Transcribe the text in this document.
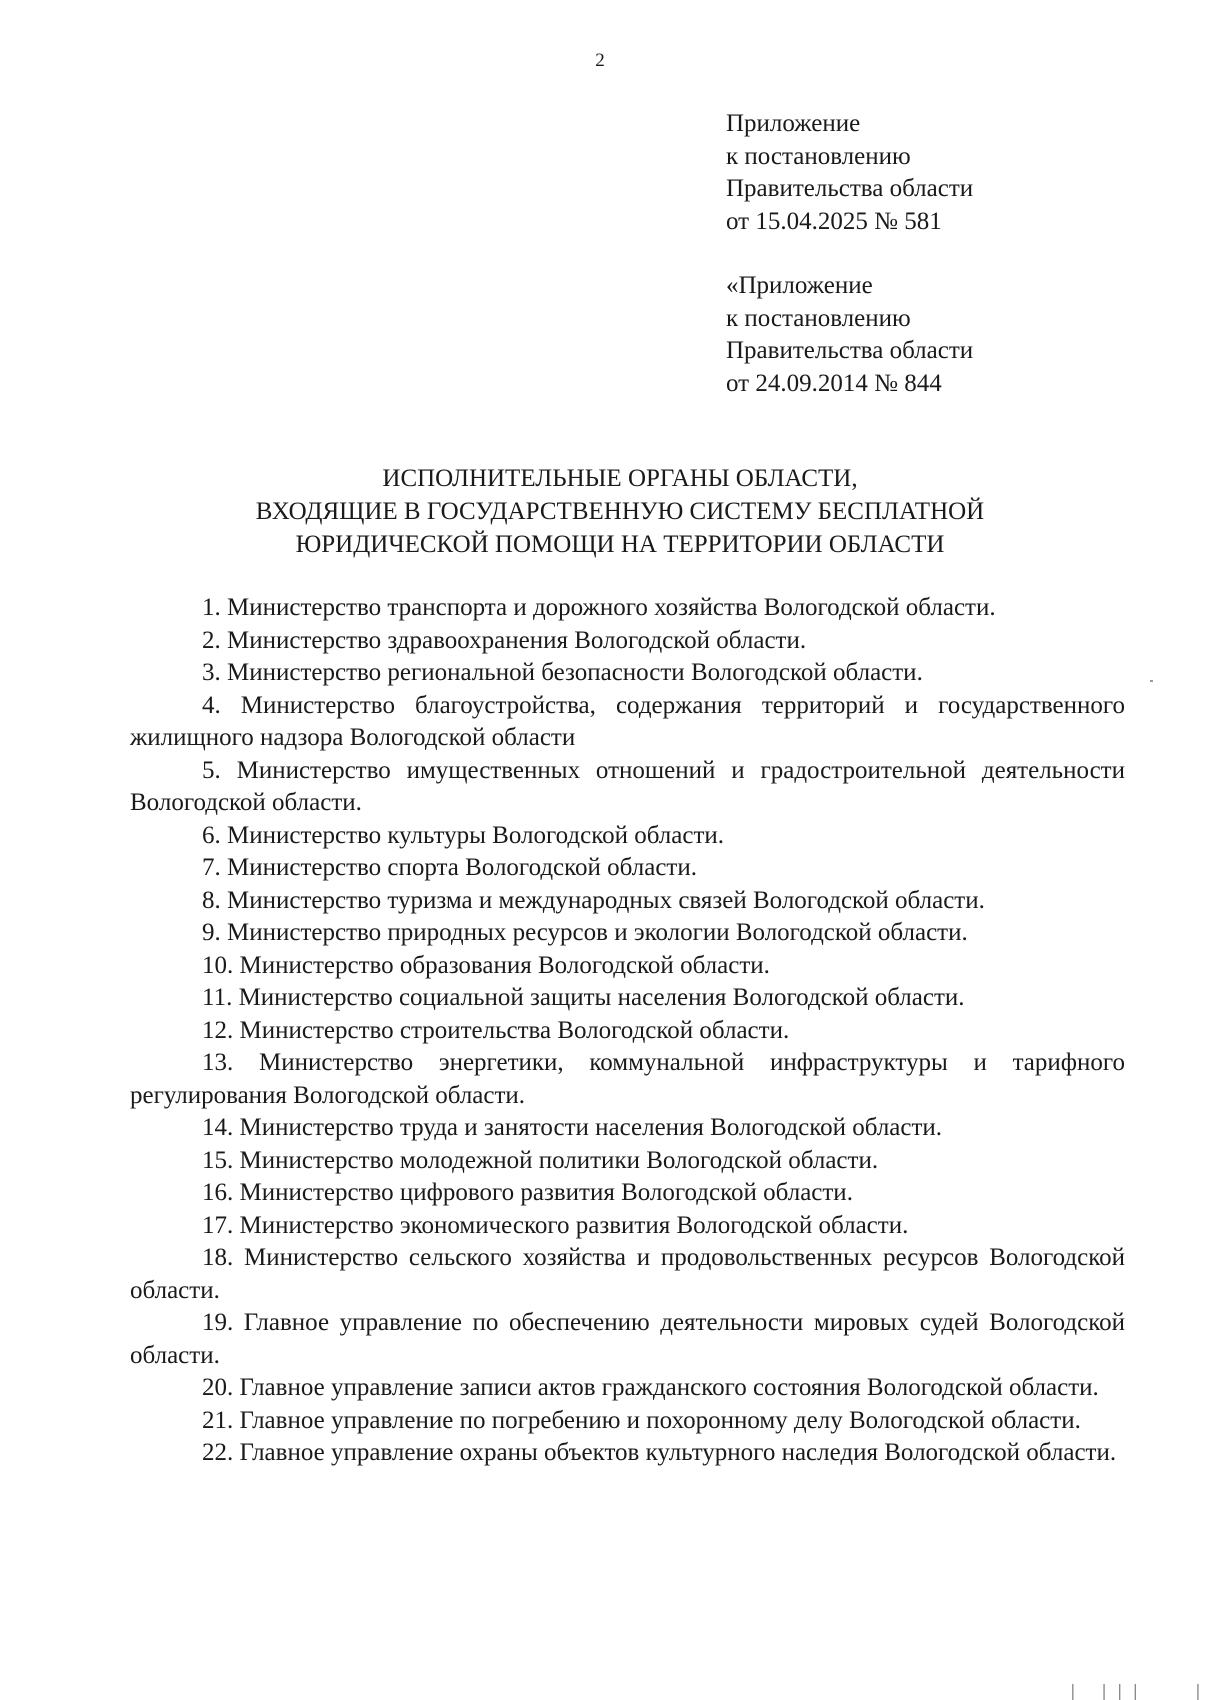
2
Приложение
к постановлению
Правительства области
от 15.04.2025 № 581
«Приложение
к постановлению
Правительства области
от 24.09.2014 № 844
ИСПОЛНИТЕЛЬНЫЕ ОРГАНЫ ОБЛАСТИ,
ВХОДЯЩИЕ В ГОСУДАРСТВЕННУЮ СИСТЕМУ БЕСПЛАТНОЙ
ЮРИДИЧЕСКОЙ ПОМОЩИ НА ТЕРРИТОРИИ ОБЛАСТИ
1. Министерство транспорта и дорожного хозяйства Вологодской области.
2. Министерство здравоохранения Вологодской области.
3. Министерство региональной безопасности Вологодской области.
4. Министерство благоустройства, содержания территорий и государственного жилищного надзора Вологодской области
5. Министерство имущественных отношений и градостроительной деятельности Вологодской области.
6. Министерство культуры Вологодской области.
7. Министерство спорта Вологодской области.
8. Министерство туризма и международных связей Вологодской области.
9. Министерство природных ресурсов и экологии Вологодской области.
10. Министерство образования Вологодской области.
11. Министерство социальной защиты населения Вологодской области.
12. Министерство строительства Вологодской области.
13. Министерство энергетики, коммунальной инфраструктуры и тарифного регулирования Вологодской области.
14. Министерство труда и занятости населения Вологодской области.
15. Министерство молодежной политики Вологодской области.
16. Министерство цифрового развития Вологодской области.
17. Министерство экономического развития Вологодской области.
18. Министерство сельского хозяйства и продовольственных ресурсов Вологодской области.
19. Главное управление по обеспечению деятельности мировых судей Вологодской области.
20. Главное управление записи актов гражданского состояния Вологодской области.
21. Главное управление по погребению и похоронному делу Вологодской области.
22. Главное управление охраны объектов культурного наследия Вологодской области.
| |||   |
